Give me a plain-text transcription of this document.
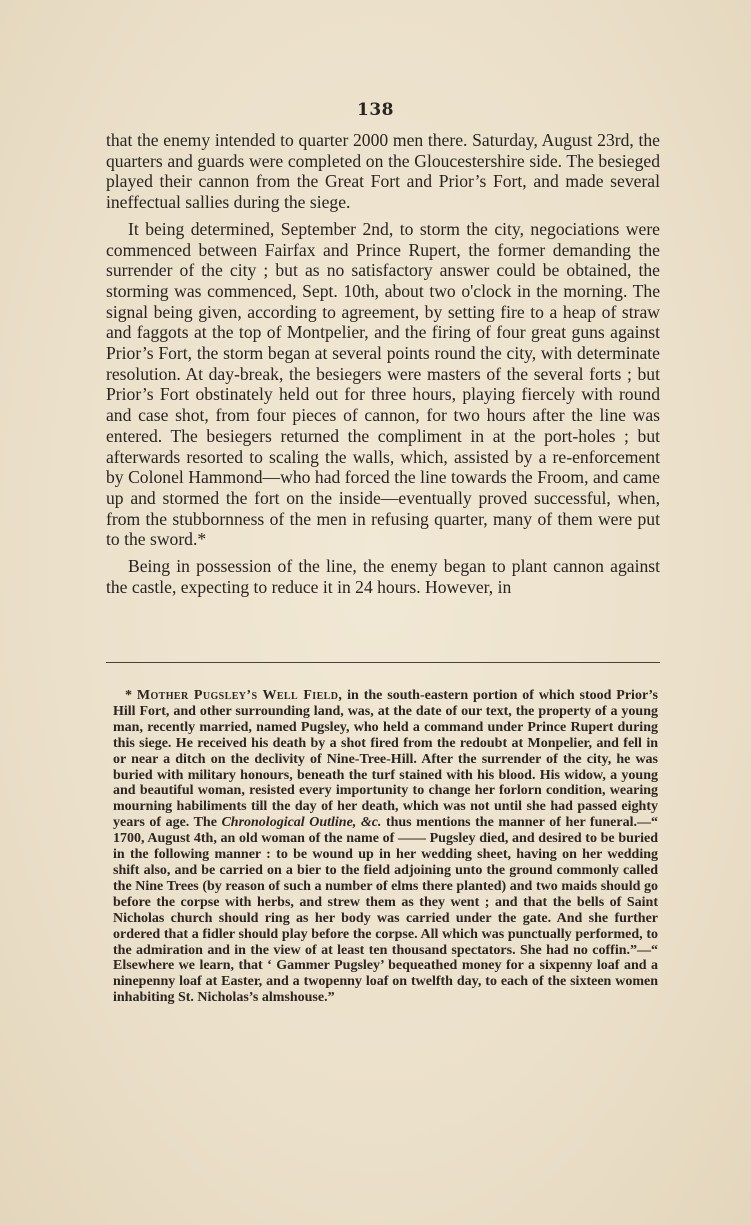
138

that the enemy intended to quarter 2000 men there. Saturday, August 23rd, the quarters and guards were completed on the Gloucestershire side. The besieged played their cannon from the Great Fort and Prior’s Fort, and made several ineffectual sallies during the siege.

It being determined, September 2nd, to storm the city, negociations were commenced between Fairfax and Prince Rupert, the former demanding the surrender of the city ; but as no satisfactory answer could be obtained, the storming was commenced, Sept. 10th, about two o'clock in the morning. The signal being given, according to agreement, by setting fire to a heap of straw and faggots at the top of Montpelier, and the firing of four great guns against Prior’s Fort, the storm began at several points round the city, with determinate resolution. At day-break, the besiegers were masters of the several forts ; but Prior’s Fort obstinately held out for three hours, playing fiercely with round and case shot, from four pieces of cannon, for two hours after the line was entered. The besiegers returned the compliment in at the port-holes ; but afterwards resorted to scaling the walls, which, assisted by a re-enforcement by Colonel Hammond—who had forced the line towards the Froom, and came up and stormed the fort on the inside—eventually proved successful, when, from the stubbornness of the men in refusing quarter, many of them were put to the sword.*

Being in possession of the line, the enemy began to plant cannon against the castle, expecting to reduce it in 24 hours. However, in

* Mother Pugsley’s Well Field, in the south-eastern portion of which stood Prior’s Hill Fort, and other surrounding land, was, at the date of our text, the property of a young man, recently married, named Pugsley, who held a command under Prince Rupert during this siege. He received his death by a shot fired from the redoubt at Monpelier, and fell in or near a ditch on the declivity of Nine-Tree-Hill. After the surrender of the city, he was buried with military honours, beneath the turf stained with his blood. His widow, a young and beautiful woman, resisted every importunity to change her forlorn condition, wearing mourning habiliments till the day of her death, which was not until she had passed eighty years of age. The Chronological Outline, &c. thus mentions the manner of her funeral.—“ 1700, August 4th, an old woman of the name of —— Pugsley died, and desired to be buried in the following manner : to be wound up in her wedding sheet, having on her wedding shift also, and be carried on a bier to the field adjoining unto the ground commonly called the Nine Trees (by reason of such a number of elms there planted) and two maids should go before the corpse with herbs, and strew them as they went ; and that the bells of Saint Nicholas church should ring as her body was carried under the gate. And she further ordered that a fidler should play before the corpse. All which was punctually performed, to the admiration and in the view of at least ten thousand spectators. She had no coffin.”—“ Elsewhere we learn, that ‘ Gammer Pugsley’ bequeathed money for a sixpenny loaf and a ninepenny loaf at Easter, and a twopenny loaf on twelfth day, to each of the sixteen women inhabiting St. Nicholas’s almshouse.”
